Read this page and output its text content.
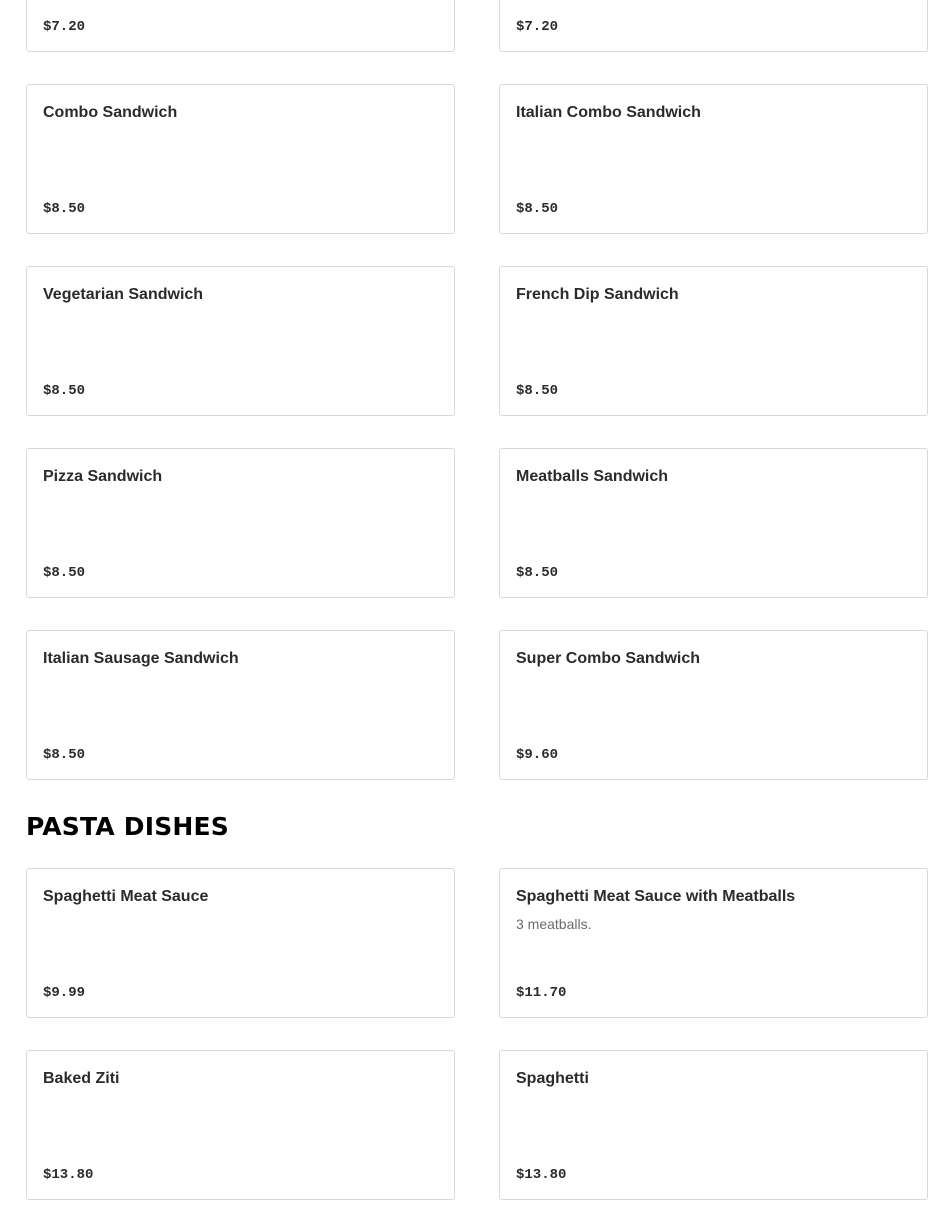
$7.20	$7.20
Combo Sandwich
$8.50
Italian Combo Sandwich
$8.50
Vegetarian Sandwich
$8.50
French Dip Sandwich
$8.50
Pizza Sandwich
$8.50
Meatballs Sandwich
$8.50
Italian Sausage Sandwich
$8.50
Super Combo Sandwich
$9.60
PASTA DISHES
Spaghetti Meat Sauce
$9.99
Spaghetti Meat Sauce with Meatballs
3 meatballs.
$11.70
Baked Ziti
$13.80
Spaghetti
$13.80
